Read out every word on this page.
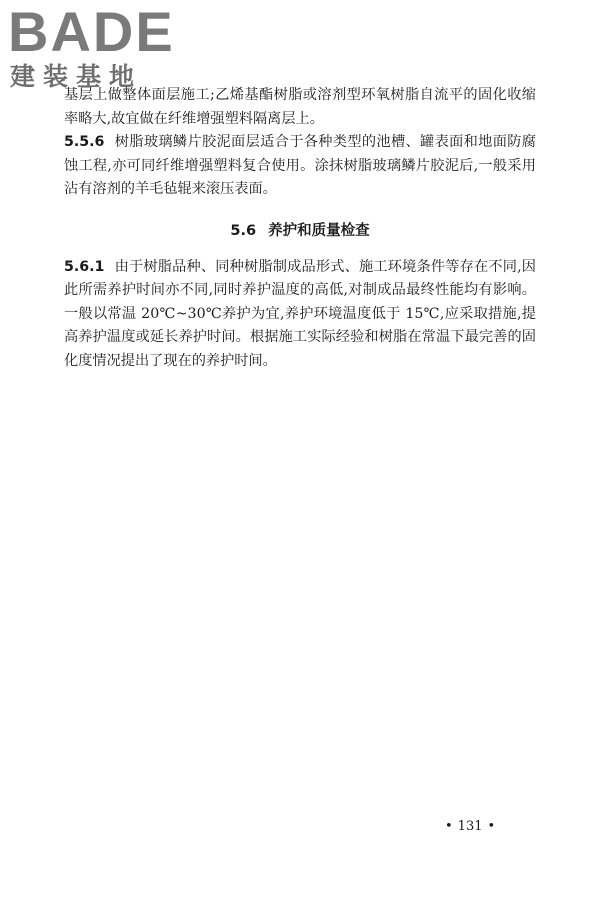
BADE
建装基地

基层上做整体面层施工;乙烯基酯树脂或溶剂型环氧树脂自流平的固化收缩率略大,故宜做在纤维增强塑料隔离层上。

5.5.6 树脂玻璃鳞片胶泥面层适合于各种类型的池槽、罐表面和地面防腐蚀工程,亦可同纤维增强塑料复合使用。涂抹树脂玻璃鳞片胶泥后,一般采用沾有溶剂的羊毛毡辊来滚压表面。

5.6 养护和质量检查

5.6.1 由于树脂品种、同种树脂制成品形式、施工环境条件等存在不同,因此所需养护时间亦不同,同时养护温度的高低,对制成品最终性能均有影响。一般以常温 20℃~30℃养护为宜,养护环境温度低于 15℃,应采取措施,提高养护温度或延长养护时间。根据施工实际经验和树脂在常温下最完善的固化度情况提出了现在的养护时间。

• 131 •
